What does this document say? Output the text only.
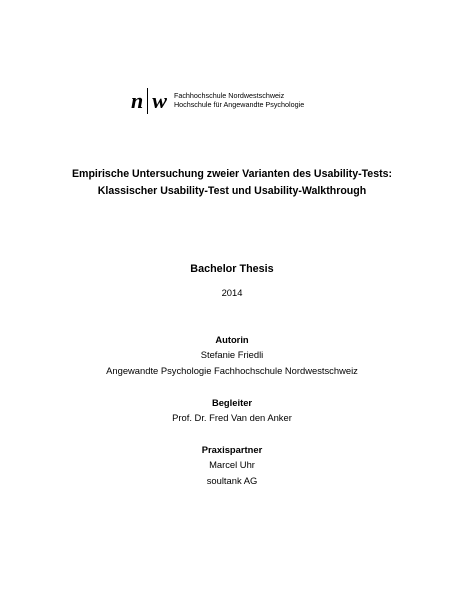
n w Fachhochschule Nordwestschweiz
Hochschule für Angewandte Psychologie
Empirische Untersuchung zweier Varianten des Usability-Tests:
Klassischer Usability-Test und Usability-Walkthrough
Bachelor Thesis
2014
Autorin
Stefanie Friedli
Angewandte Psychologie Fachhochschule Nordwestschweiz
Begleiter
Prof. Dr. Fred Van den Anker
Praxispartner
Marcel Uhr
soultank AG
